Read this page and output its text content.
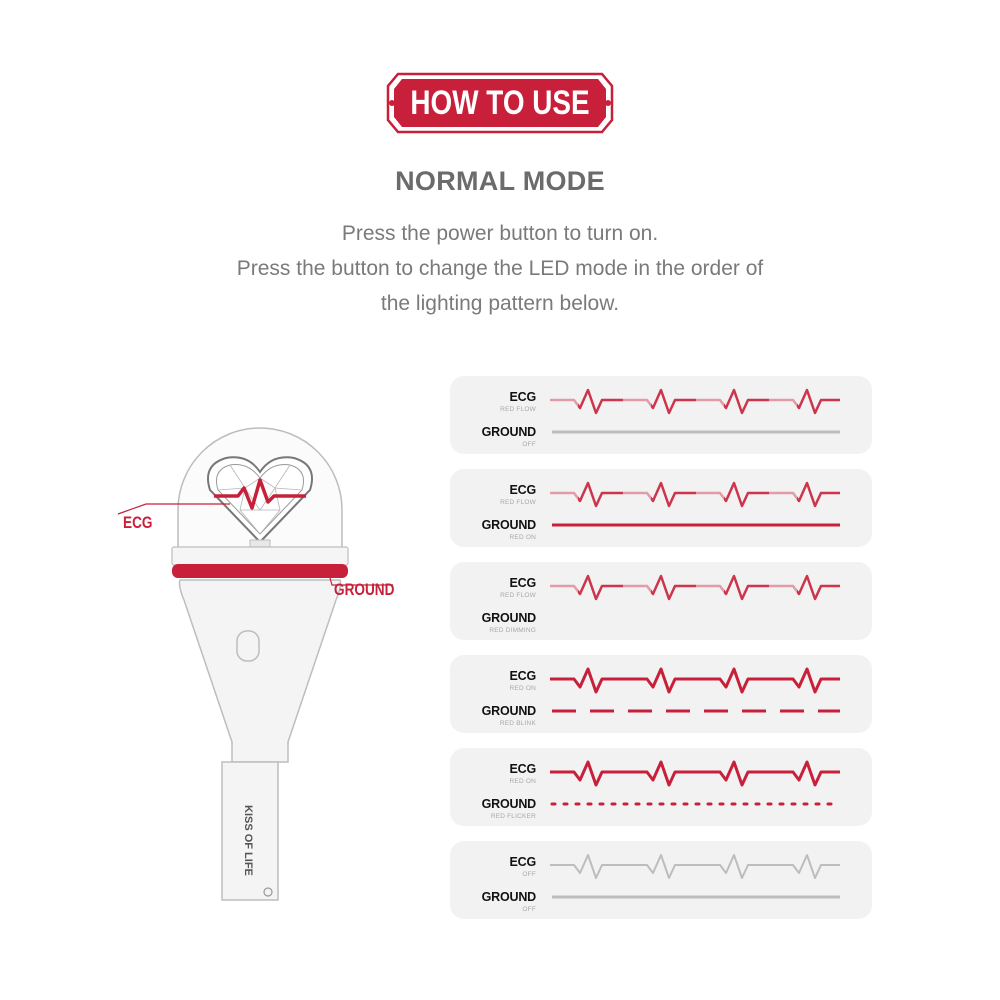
HOW TO USE
NORMAL MODE
Press the power button to turn on.
Press the button to change the LED mode in the order of
the lighting pattern below.
KISS OF LIFE
ECG
GROUND
ECG
RED FLOW
GROUND
OFF
ECG
RED FLOW
GROUND
RED ON
ECG
RED FLOW
GROUND
RED DIMMING
ECG
RED ON
GROUND
RED BLINK
ECG
RED ON
GROUND
RED FLICKER
ECG
OFF
GROUND
OFF
